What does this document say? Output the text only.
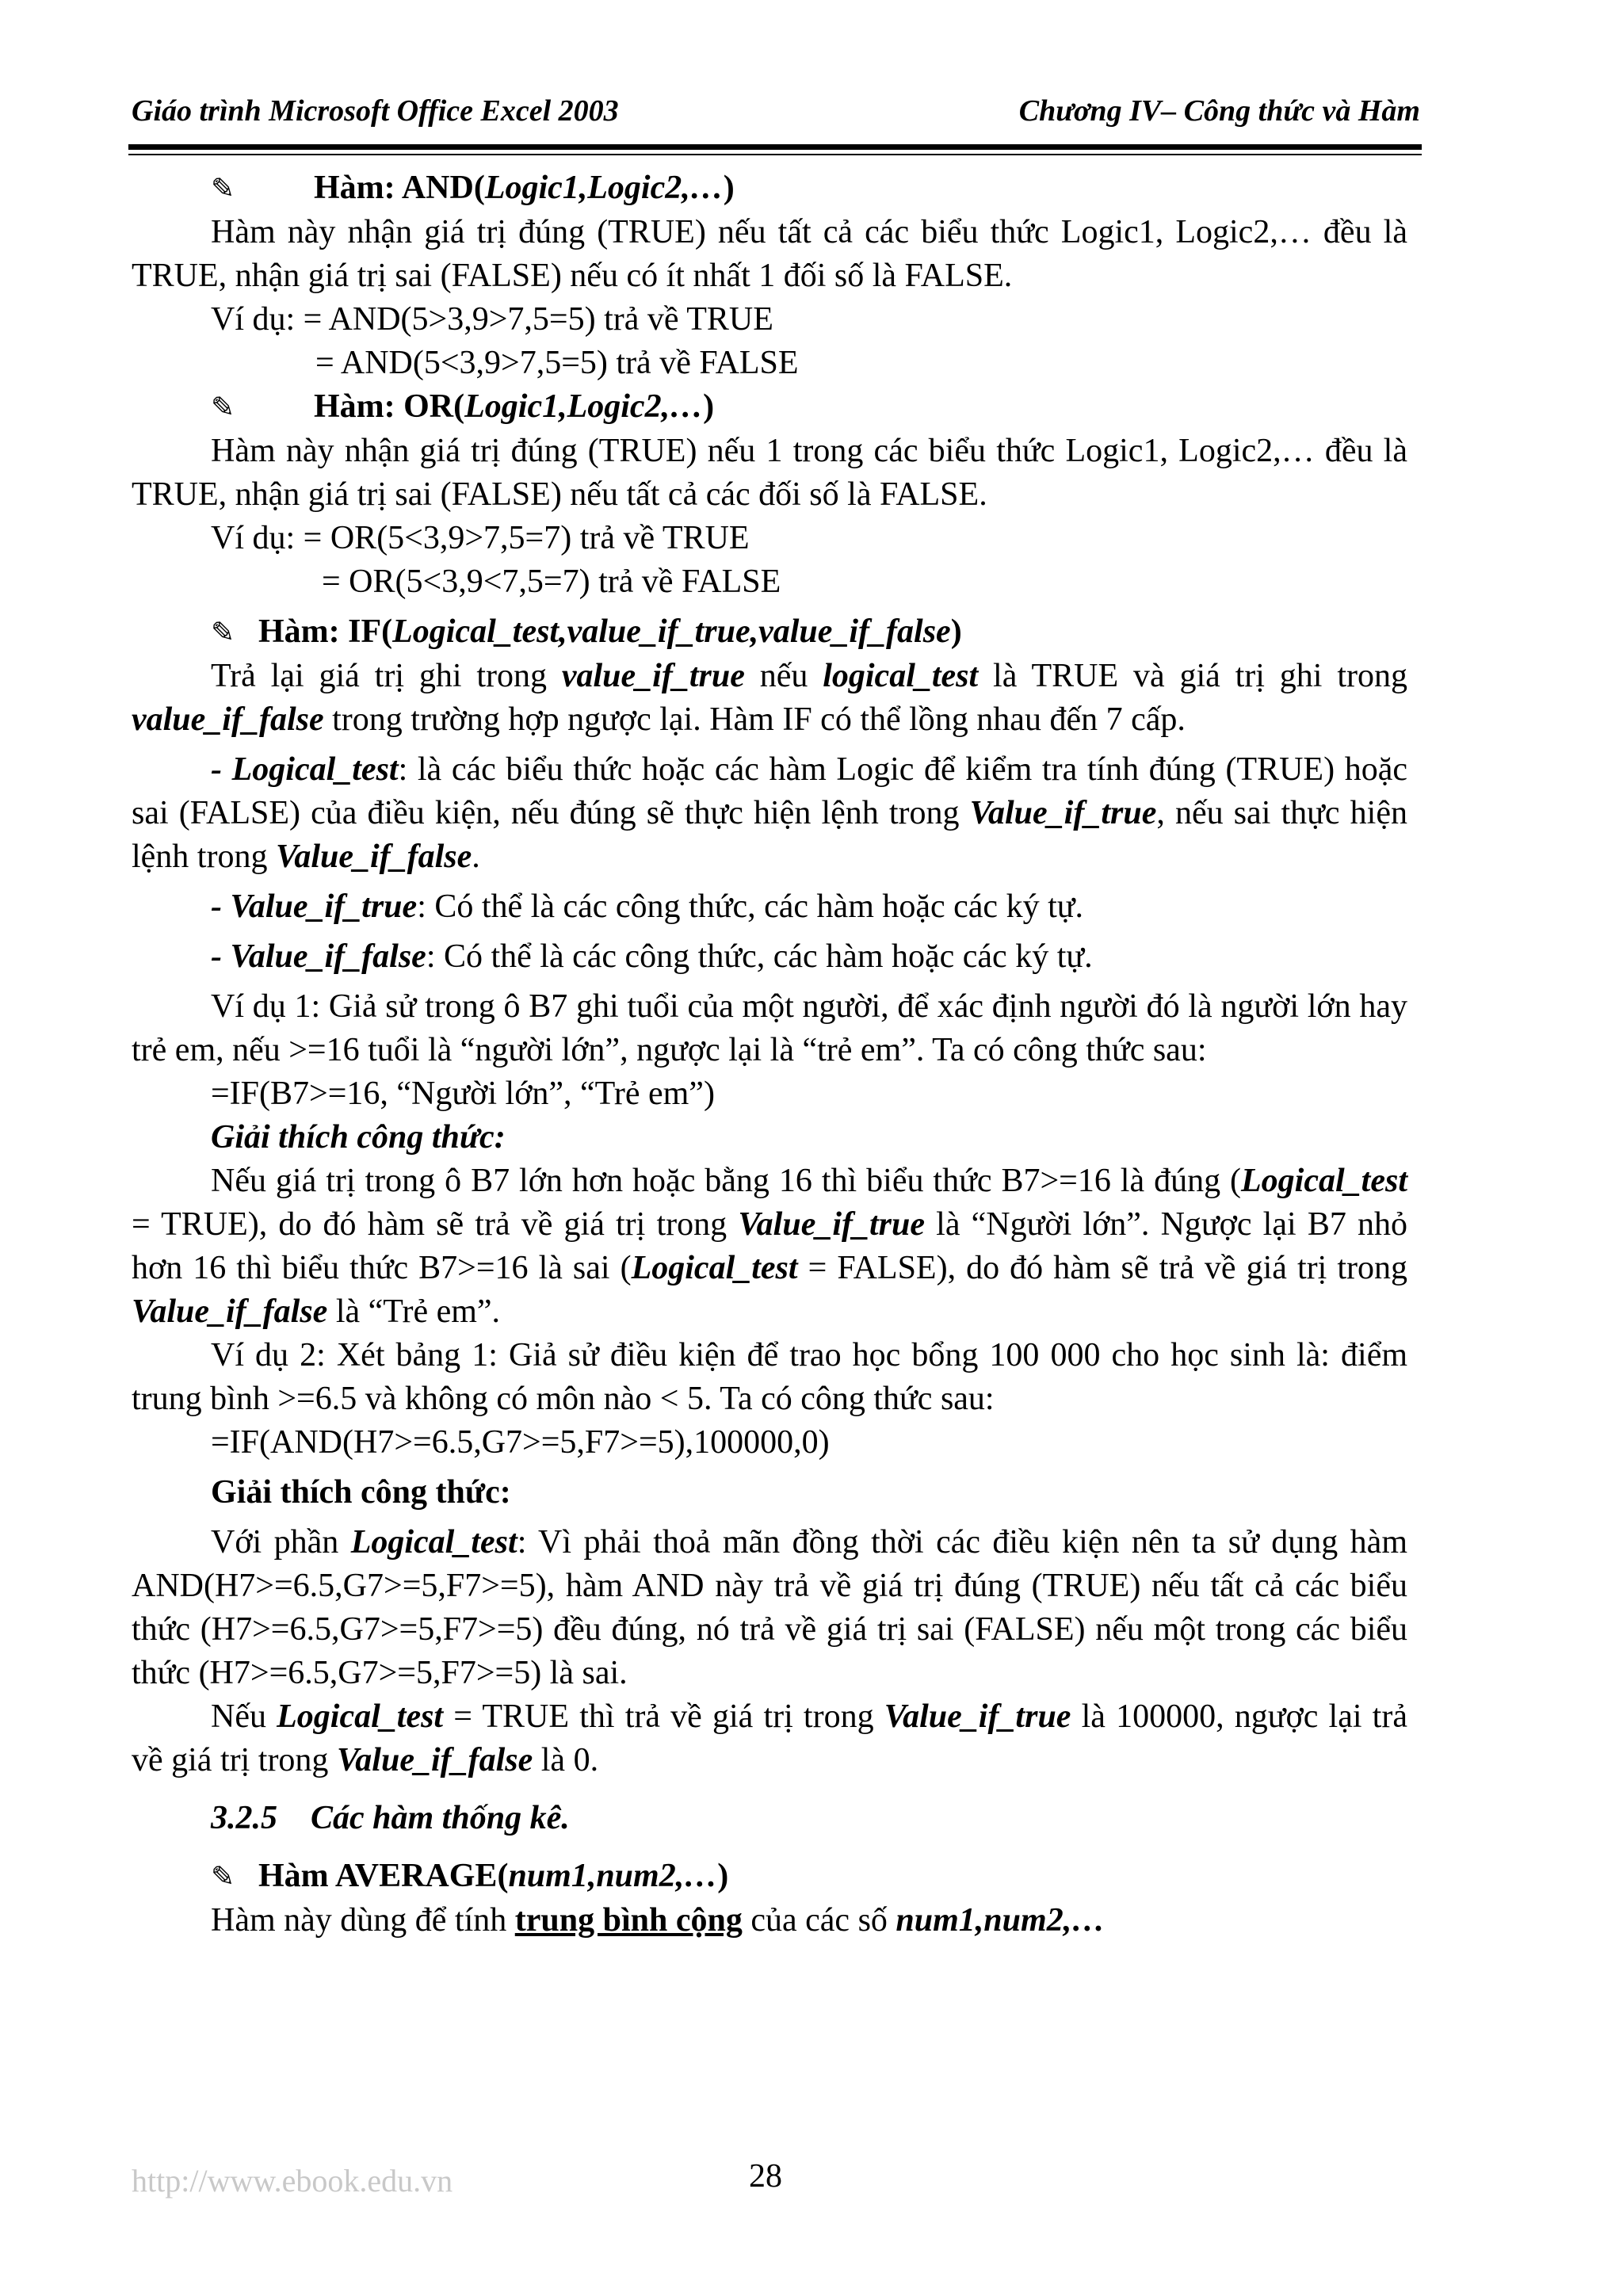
Giáo trình Microsoft Office Excel 2003	Chương IV– Công thức và Hàm

✎ Hàm: AND(Logic1,Logic2,…)

Hàm này nhận giá trị đúng (TRUE) nếu tất cả các biểu thức Logic1, Logic2,… đều là TRUE, nhận giá trị sai (FALSE) nếu có ít nhất 1 đối số là FALSE.

Ví dụ: = AND(5>3,9>7,5=5) trả về TRUE

= AND(5<3,9>7,5=5) trả về FALSE

✎ Hàm: OR(Logic1,Logic2,…)

Hàm này nhận giá trị đúng (TRUE) nếu 1 trong các biểu thức Logic1, Logic2,… đều là TRUE, nhận giá trị sai (FALSE) nếu tất cả các đối số là FALSE.

Ví dụ: = OR(5<3,9>7,5=7) trả về TRUE

= OR(5<3,9<7,5=7) trả về FALSE

✎ Hàm: IF(Logical_test,value_if_true,value_if_false)

Trả lại giá trị ghi trong value_if_true nếu logical_test là TRUE và giá trị ghi trong value_if_false trong trường hợp ngược lại. Hàm IF có thể lồng nhau đến 7 cấp.

- Logical_test: là các biểu thức hoặc các hàm Logic để kiểm tra tính đúng (TRUE) hoặc sai (FALSE) của điều kiện, nếu đúng sẽ thực hiện lệnh trong Value_if_true, nếu sai thực hiện lệnh trong Value_if_false.

- Value_if_true: Có thể là các công thức, các hàm hoặc các ký tự.

- Value_if_false: Có thể là các công thức, các hàm hoặc các ký tự.

Ví dụ 1: Giả sử trong ô B7 ghi tuổi của một người, để xác định người đó là người lớn hay trẻ em, nếu >=16 tuổi là “người lớn”, ngược lại là “trẻ em”. Ta có công thức sau:

=IF(B7>=16, “Người lớn”, “Trẻ em”)

Giải thích công thức:

Nếu giá trị trong ô B7 lớn hơn hoặc bằng 16 thì biểu thức B7>=16 là đúng (Logical_test = TRUE), do đó hàm sẽ trả về giá trị trong Value_if_true là “Người lớn”. Ngược lại B7 nhỏ hơn 16 thì biểu thức B7>=16 là sai (Logical_test = FALSE), do đó hàm sẽ trả về giá trị trong Value_if_false là “Trẻ em”.

Ví dụ 2: Xét bảng 1: Giả sử điều kiện để trao học bổng 100 000 cho học sinh là: điểm trung bình >=6.5 và không có môn nào < 5. Ta có công thức sau:

=IF(AND(H7>=6.5,G7>=5,F7>=5),100000,0)

Giải thích công thức:

Với phần Logical_test: Vì phải thoả mãn đồng thời các điều kiện nên ta sử dụng hàm AND(H7>=6.5,G7>=5,F7>=5), hàm AND này trả về giá trị đúng (TRUE) nếu tất cả các biểu thức (H7>=6.5,G7>=5,F7>=5) đều đúng, nó trả về giá trị sai (FALSE) nếu một trong các biểu thức (H7>=6.5,G7>=5,F7>=5) là sai.

Nếu Logical_test = TRUE thì trả về giá trị trong Value_if_true là 100000, ngược lại trả về giá trị trong Value_if_false là 0.

3.2.5 Các hàm thống kê.

✎ Hàm AVERAGE(num1,num2,…)

Hàm này dùng để tính trung bình cộng của các số num1,num2,…

http://www.ebook.edu.vn	28
